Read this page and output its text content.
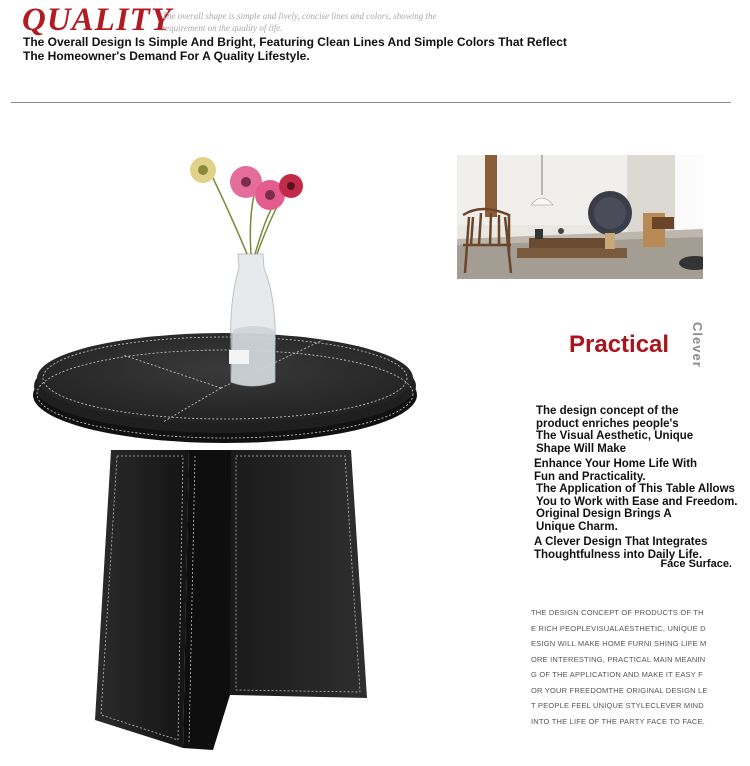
QUALITY
The overall shape is simple and lively, concise lines and colors, showing the requirement on the quality of life.
The Overall Design Is Simple And Bright, Featuring Clean Lines And Simple Colors That Reflect
The Homeowner's Demand For A Quality Lifestyle.
Practical Clever
The design concept of the
product enriches people's
The Visual Aesthetic, Unique
Shape Will Make
Enhance Your Home Life With
Fun and Practicality.
The Application of This Table Allows
You to Work with Ease and Freedom.
Original Design Brings A
Unique Charm.
A Clever Design That Integrates
Thoughtfulness into Daily Life.
Face Surface.
THE DESIGN CONCEPT OF PRODUCTS OF TH
E RICH PEOPLEVISUALAESTHETIC, UNIQUE D
ESIGN WILL MAKE HOME FURNI SHING LIFE M
ORE INTERESTING, PRACTICAL MAIN MEANIN
G OF THE APPLICATION AND MAKE IT EASY F
OR YOUR FREEDOMTHE ORIGINAL DESIGN LE
T PEOPLE FEEL UNIQUE STYLECLEVER MIND
INTO THE LIFE OF THE PARTY FACE TO FACE.
